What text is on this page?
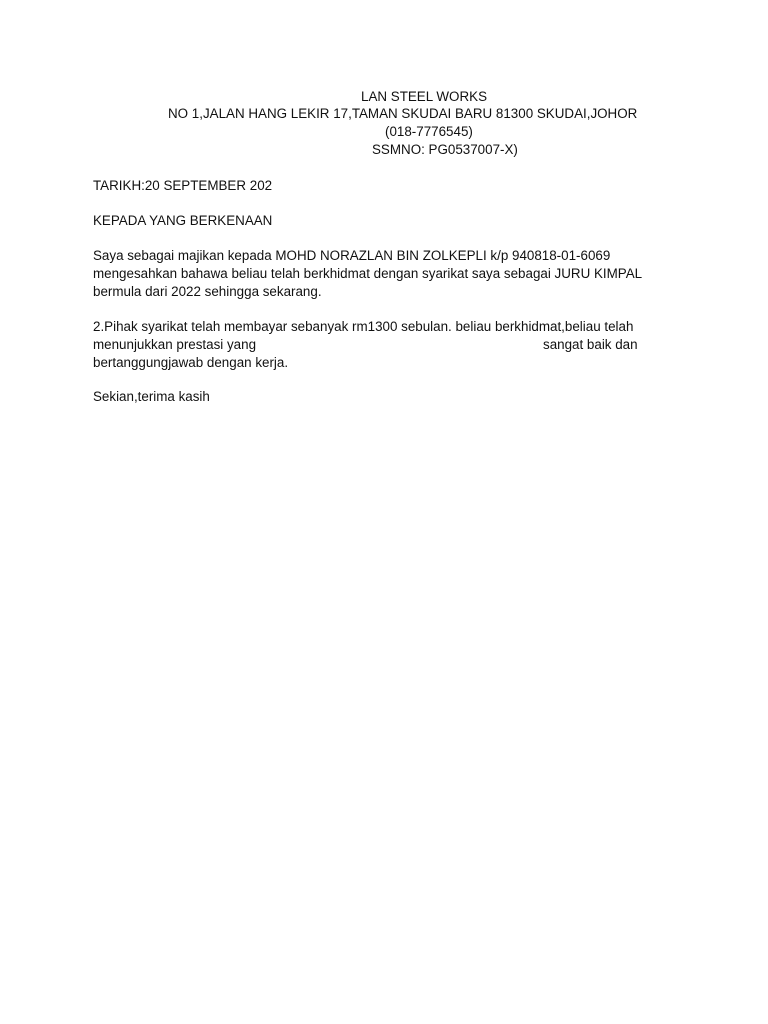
LAN STEEL WORKS
NO 1,JALAN HANG LEKIR 17,TAMAN SKUDAI BARU 81300 SKUDAI,JOHOR
(018-7776545)
SSMNO: PG0537007-X)
TARIKH:20 SEPTEMBER 202
KEPADA YANG BERKENAAN
Saya sebagai majikan kepada MOHD NORAZLAN BIN ZOLKEPLI k/p 940818-01-6069
mengesahkan bahawa beliau telah berkhidmat dengan syarikat saya sebagai JURU KIMPAL
bermula dari 2022 sehingga sekarang.
2.Pihak syarikat telah membayar sebanyak rm1300 sebulan. beliau berkhidmat,beliau telah
menunjukkan prestasi yang	sangat baik dan
bertanggungjawab dengan kerja.
Sekian,terima kasih
